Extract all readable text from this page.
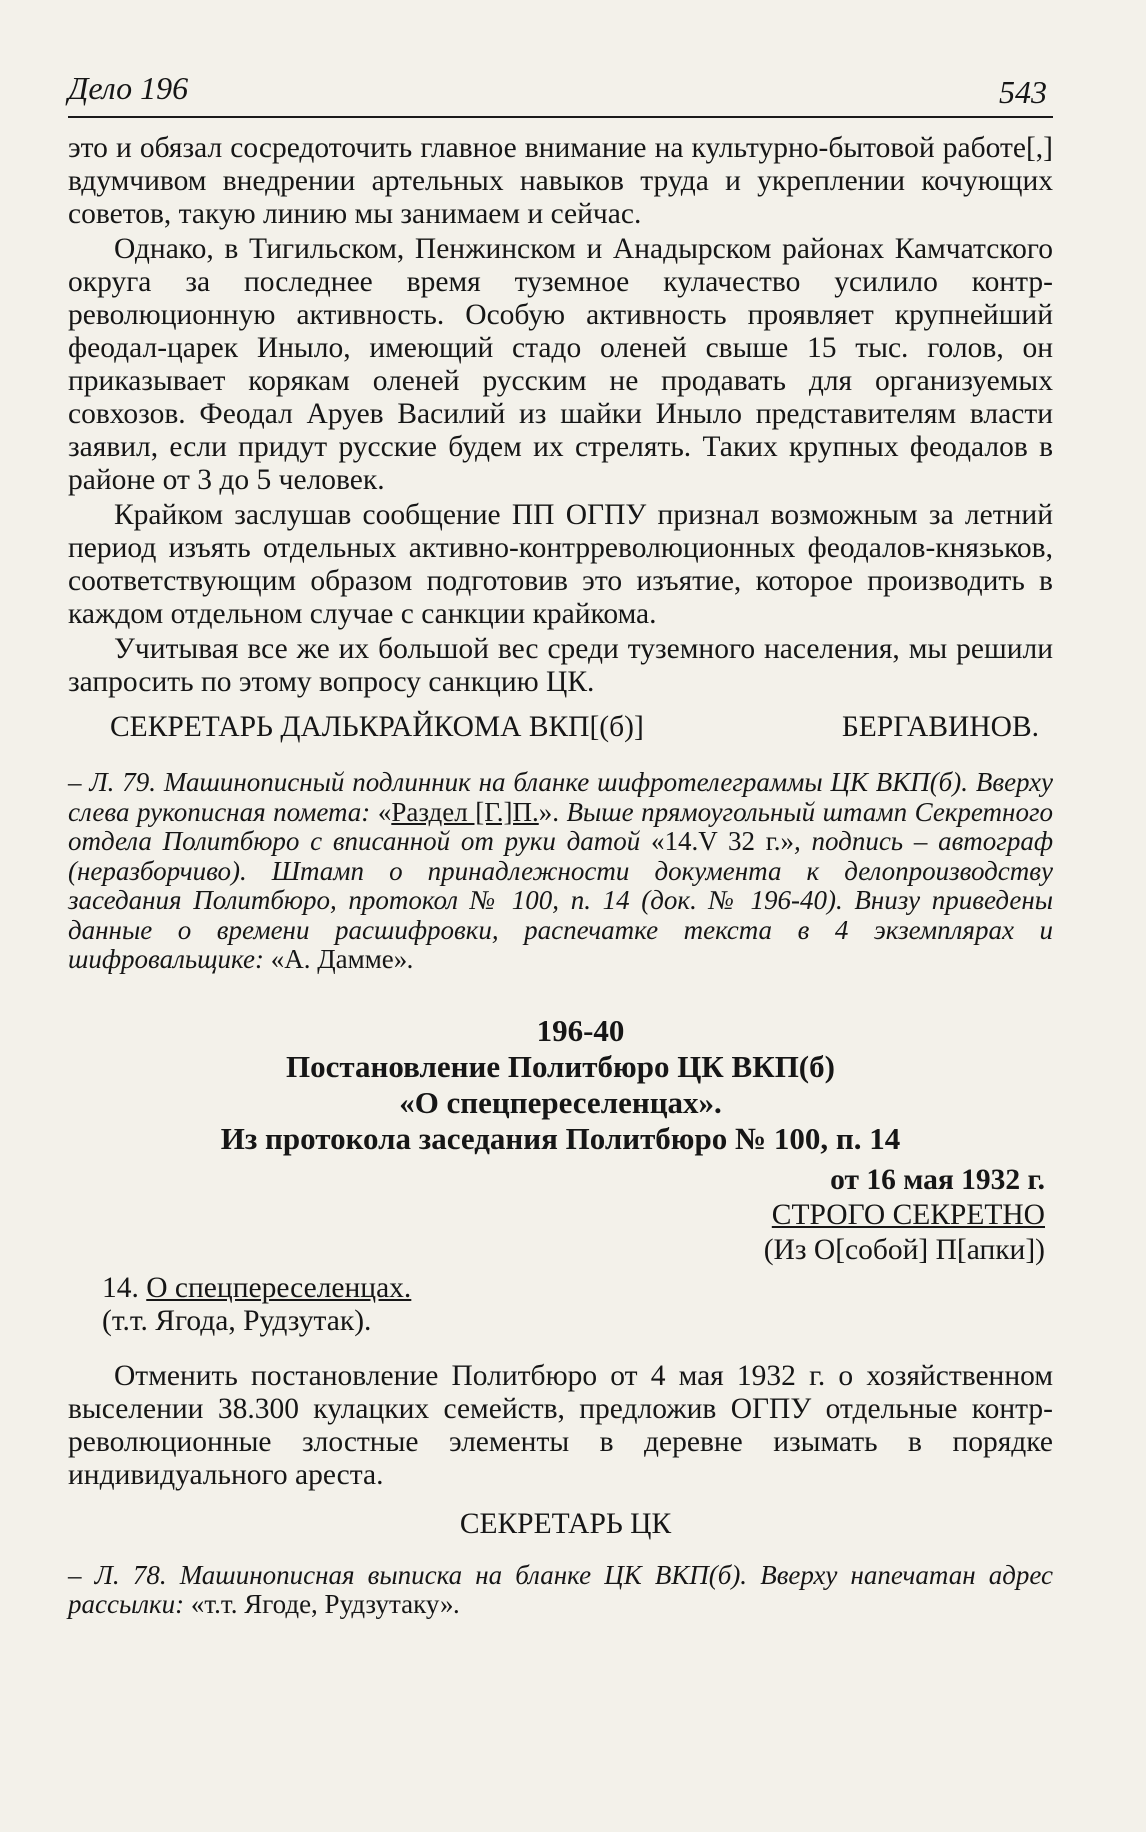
Дело 196	543

это и обязал сосредоточить главное внимание на культурно-бытовой работе[,] вдумчивом внедрении артельных навыков труда и укреплении кочующих советов, такую линию мы занимаем и сейчас.

Однако, в Тигильском, Пенжинском и Анадырском районах Камчатского округа за последнее время туземное кулачество усилило контр-революционную активность. Особую активность проявляет крупнейший феодал-царек Иныло, имеющий стадо оленей свыше 15 тыс. голов, он приказывает корякам оленей русским не продавать для организуемых совхозов. Феодал Аруев Василий из шайки Иныло представителям власти заявил, если придут русские будем их стрелять. Таких крупных феодалов в районе от 3 до 5 человек.

Крайком заслушав сообщение ПП ОГПУ признал возможным за летний период изъять отдельных активно-контрреволюционных феодалов-князьков, соответствующим образом подготовив это изъятие, которое производить в каждом отдельном случае с санкции крайкома.

Учитывая все же их большой вес среди туземного населения, мы решили запросить по этому вопросу санкцию ЦК.

СЕКРЕТАРЬ ДАЛЬКРАЙКОМА ВКП[(б)]	БЕРГАВИНОВ.
– Л. 79. Машинописный подлинник на бланке шифротелеграммы ЦК ВКП(б). Вверху слева рукописная помета: «Раздел [Г.]П.». Выше прямоугольный штамп Секретного отдела Политбюро с вписанной от руки датой «14.V 32 г.», подпись – автограф (неразборчиво). Штамп о принадлежности документа к делопроизводству заседания Политбюро, протокол № 100, п. 14 (док. № 196-40). Внизу приведены данные о времени расшифровки, распечатке текста в 4 экземплярах и шифровальщике: «А. Дамме».
196-40
Постановление Политбюро ЦК ВКП(б)
«О спецпереселенцах».
Из протокола заседания Политбюро № 100, п. 14
от 16 мая 1932 г.
СТРОГО СЕКРЕТНО
(Из О[собой] П[апки])
14. О спецпереселенцах.
(т.т. Ягода, Рудзутак).

Отменить постановление Политбюро от 4 мая 1932 г. о хозяйственном выселении 38.300 кулацких семейств, предложив ОГПУ отдельные контр-революционные злостные элементы в деревне изымать в порядке индивидуального ареста.

СЕКРЕТАРЬ ЦК
– Л. 78. Машинописная выписка на бланке ЦК ВКП(б). Вверху напечатан адрес рассылки: «т.т. Ягоде, Рудзутаку».
